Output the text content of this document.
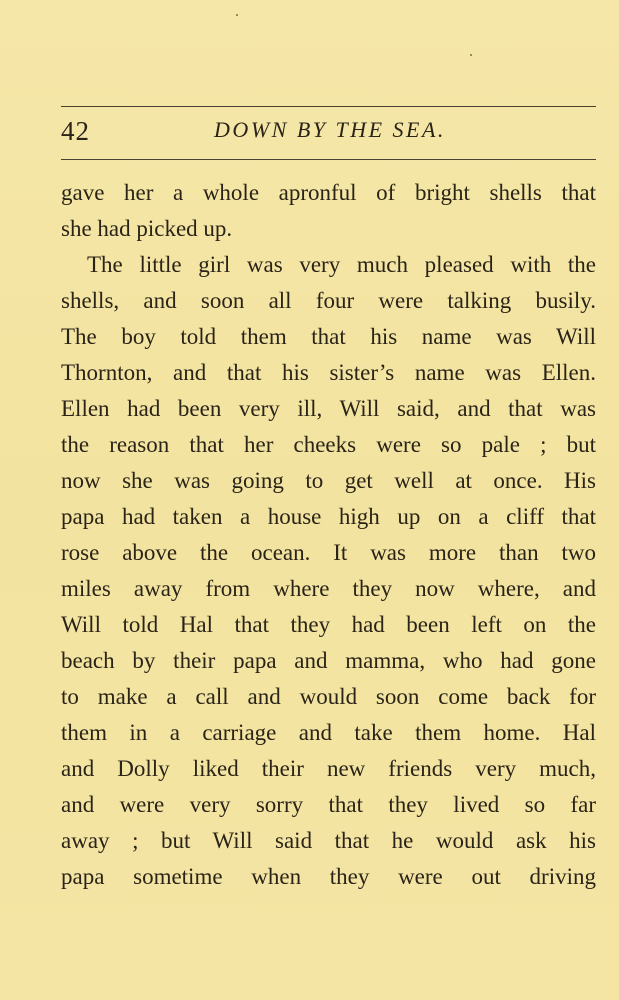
42	DOWN BY THE SEA.
gave her a whole apronful of bright shells that
she had picked up.
The little girl was very much pleased with the
shells, and soon all four were talking busily.
The boy told them that his name was Will
Thornton, and that his sister’s name was Ellen.
Ellen had been very ill, Will said, and that was
the reason that her cheeks were so pale ; but
now she was going to get well at once. His
papa had taken a house high up on a cliff that
rose above the ocean. It was more than two
miles away from where they now where, and
Will told Hal that they had been left on the
beach by their papa and mamma, who had gone
to make a call and would soon come back for
them in a carriage and take them home. Hal
and Dolly liked their new friends very much,
and were very sorry that they lived so far
away ; but Will said that he would ask his
papa sometime when they were out driving
